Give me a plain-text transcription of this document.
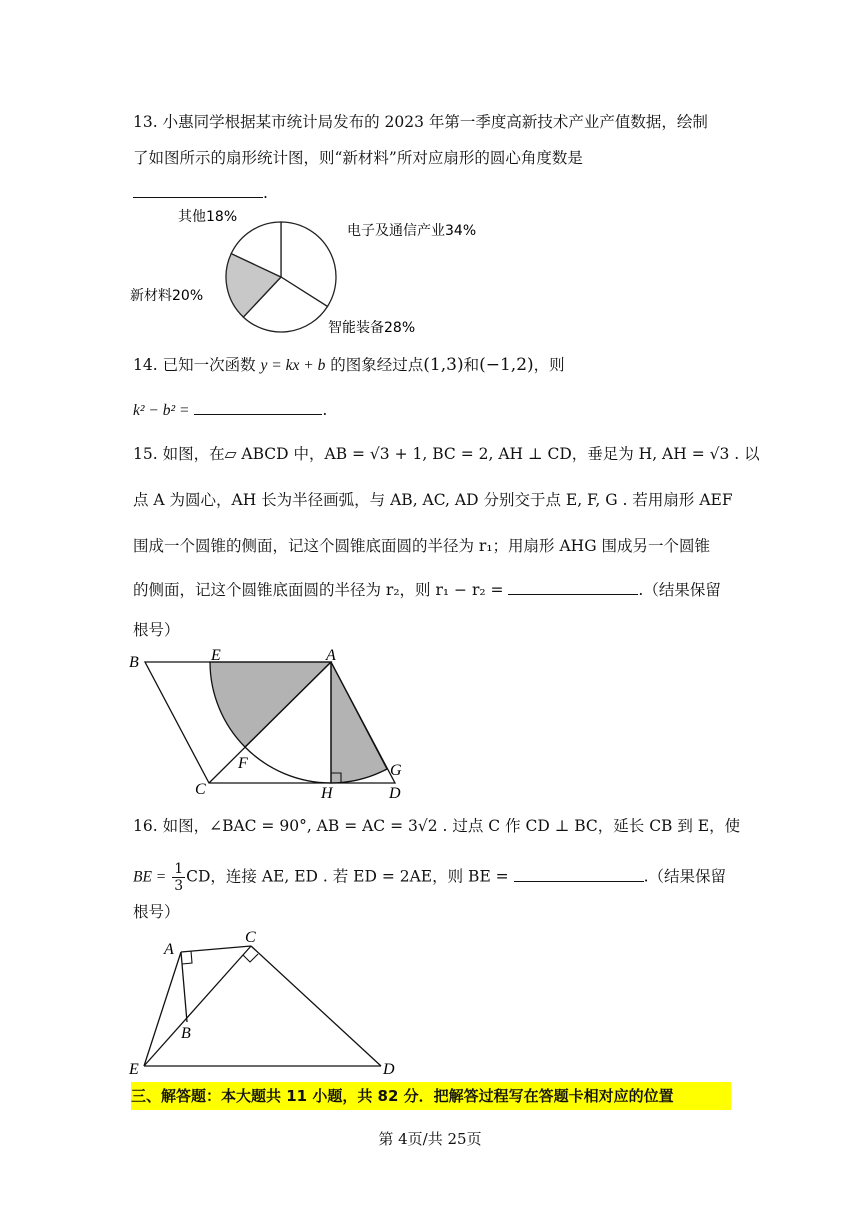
13. 小惠同学根据某市统计局发布的 2023 年第一季度高新技术产业产值数据，绘制
了如图所示的扇形统计图，则“新材料”所对应扇形的圆心角度数是
.
其他18%
电子及通信产业34%
新材料20%
智能装备28%
14. 已知一次函数 y = kx + b 的图象经过点(1,3)和(−1,2)，则
k² − b² =	.
15. 如图，在▱ ABCD 中，AB = √3 + 1, BC = 2, AH ⊥ CD，垂足为 H, AH = √3 . 以
点 A 为圆心，AH 长为半径画弧，与 AB, AC, AD 分别交于点 E, F, G . 若用扇形 AEF
围成一个圆锥的侧面，记这个圆锥底面圆的半径为 r₁；用扇形 AHG 围成另一个圆锥
的侧面，记这个圆锥底面圆的半径为 r₂，则 r₁ − r₂ =	.（结果保留
根号）
B	E	A
F	G
C	H	D
16. 如图，∠BAC = 90°, AB = AC = 3√2 . 过点 C 作 CD ⊥ BC，延长 CB 到 E，使
BE = $\frac{1}{3}$ CD，连接 AE, ED . 若 ED = 2AE，则 BE =	.（结果保留
根号）
A
C
B
E	D
三、解答题：本大题共 11 小题，共 82 分．把解答过程写在答题卡相对应的位置
第 4页/共 25页
